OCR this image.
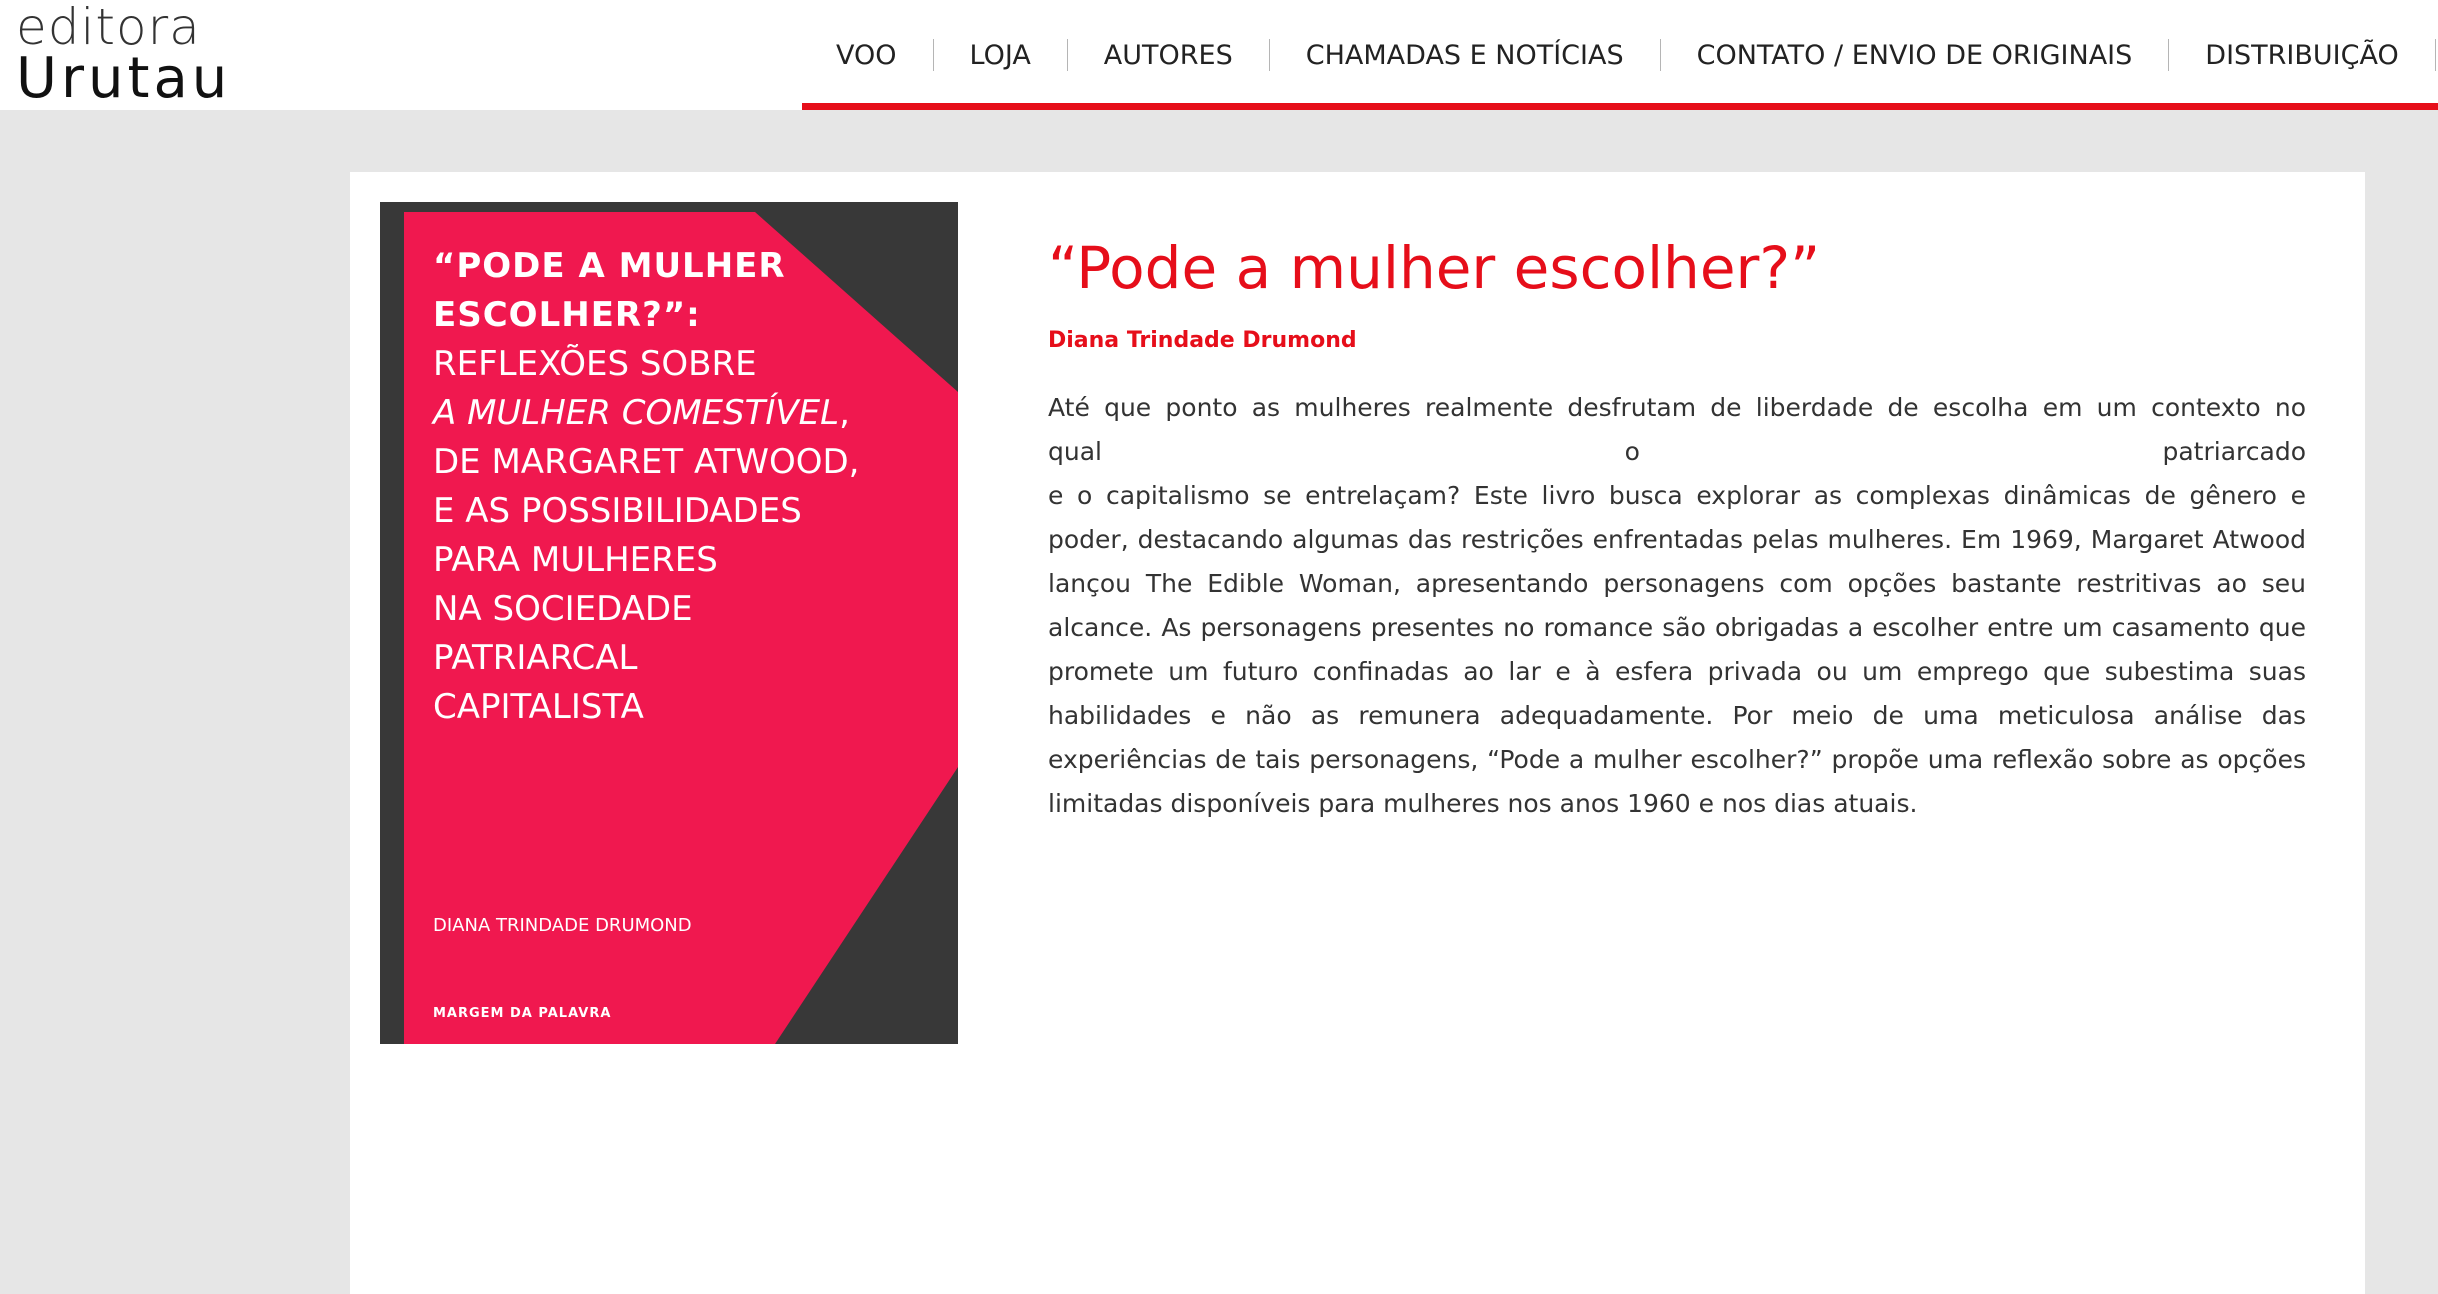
editora
Urutau	VOO	LOJA	AUTORES	CHAMADAS E NOTÍCIAS	CONTATO / ENVIO DE ORIGINAIS	DISTRIBUIÇÃO
“PODE A MULHER
ESCOLHER?”:
REFLEXÕES SOBRE
A MULHER COMESTÍVEL,
DE MARGARET ATWOOD,
E AS POSSIBILIDADES
PARA MULHERES
NA SOCIEDADE
PATRIARCAL
CAPITALISTA
DIANA TRINDADE DRUMOND
MARGEM DA PALAVRA
“Pode a mulher escolher?”
Diana Trindade Drumond

Até que ponto as mulheres realmente desfrutam de liberdade de escolha em um contexto no
qual o patriarcado

e o capitalismo se entrelaçam? Este livro busca explorar as complexas dinâmicas de gênero e poder, destacando algumas das restrições enfrentadas pelas mulheres. Em 1969, Margaret Atwood lançou The Edible Woman, apresentando personagens com opções bastante restritivas ao seu alcance. As personagens presentes no romance são obrigadas a escolher entre um casamento que promete um futuro confinadas ao lar e à esfera privada ou um emprego que subestima suas habilidades e não as remunera adequadamente. Por meio de uma meticulosa análise das experiências de tais personagens, “Pode a mulher escolher?” propõe uma reflexão sobre as opções limitadas disponíveis para mulheres nos anos 1960 e nos dias atuais.
